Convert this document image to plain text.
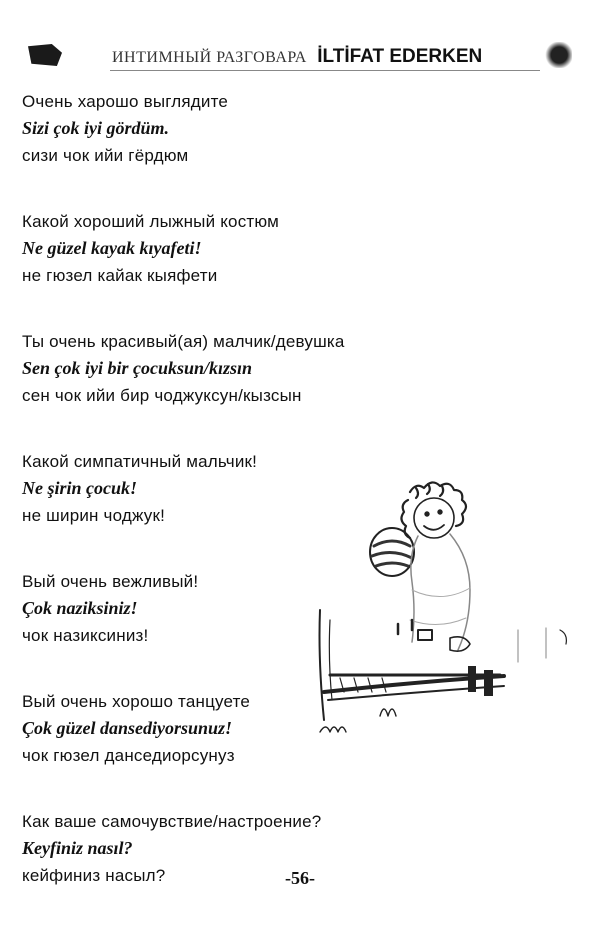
ИНТИМНЫЙ РАЗГОВАРА İLTİFAT EDERKEN
Очень харошо выглядите
Sizi çok iyi gördüm.
сизи чок ийи гёрдюм
Какой хороший лыжный костюм
Ne güzel kayak kıyafeti!
не гюзел кайак кыяфети
Ты очень красивый(ая) малчик/девушка
Sen çok iyi bir çocuksun/kızsın
сен чок ийи бир чоджуксун/кызсын
Какой симпатичный мальчик!
Ne şirin çocuk!
не ширин чоджук!
Вый очень вежливый!
Çok naziksiniz!
чок назиксиниз!
Вый очень хорошо танцуете
Çok güzel dansediyorsunuz!
чок гюзел данседиорсунуз
Как ваше самочувствие/настроение?
Keyfiniz nasıl?
кейфиниз насыл?	-56-
